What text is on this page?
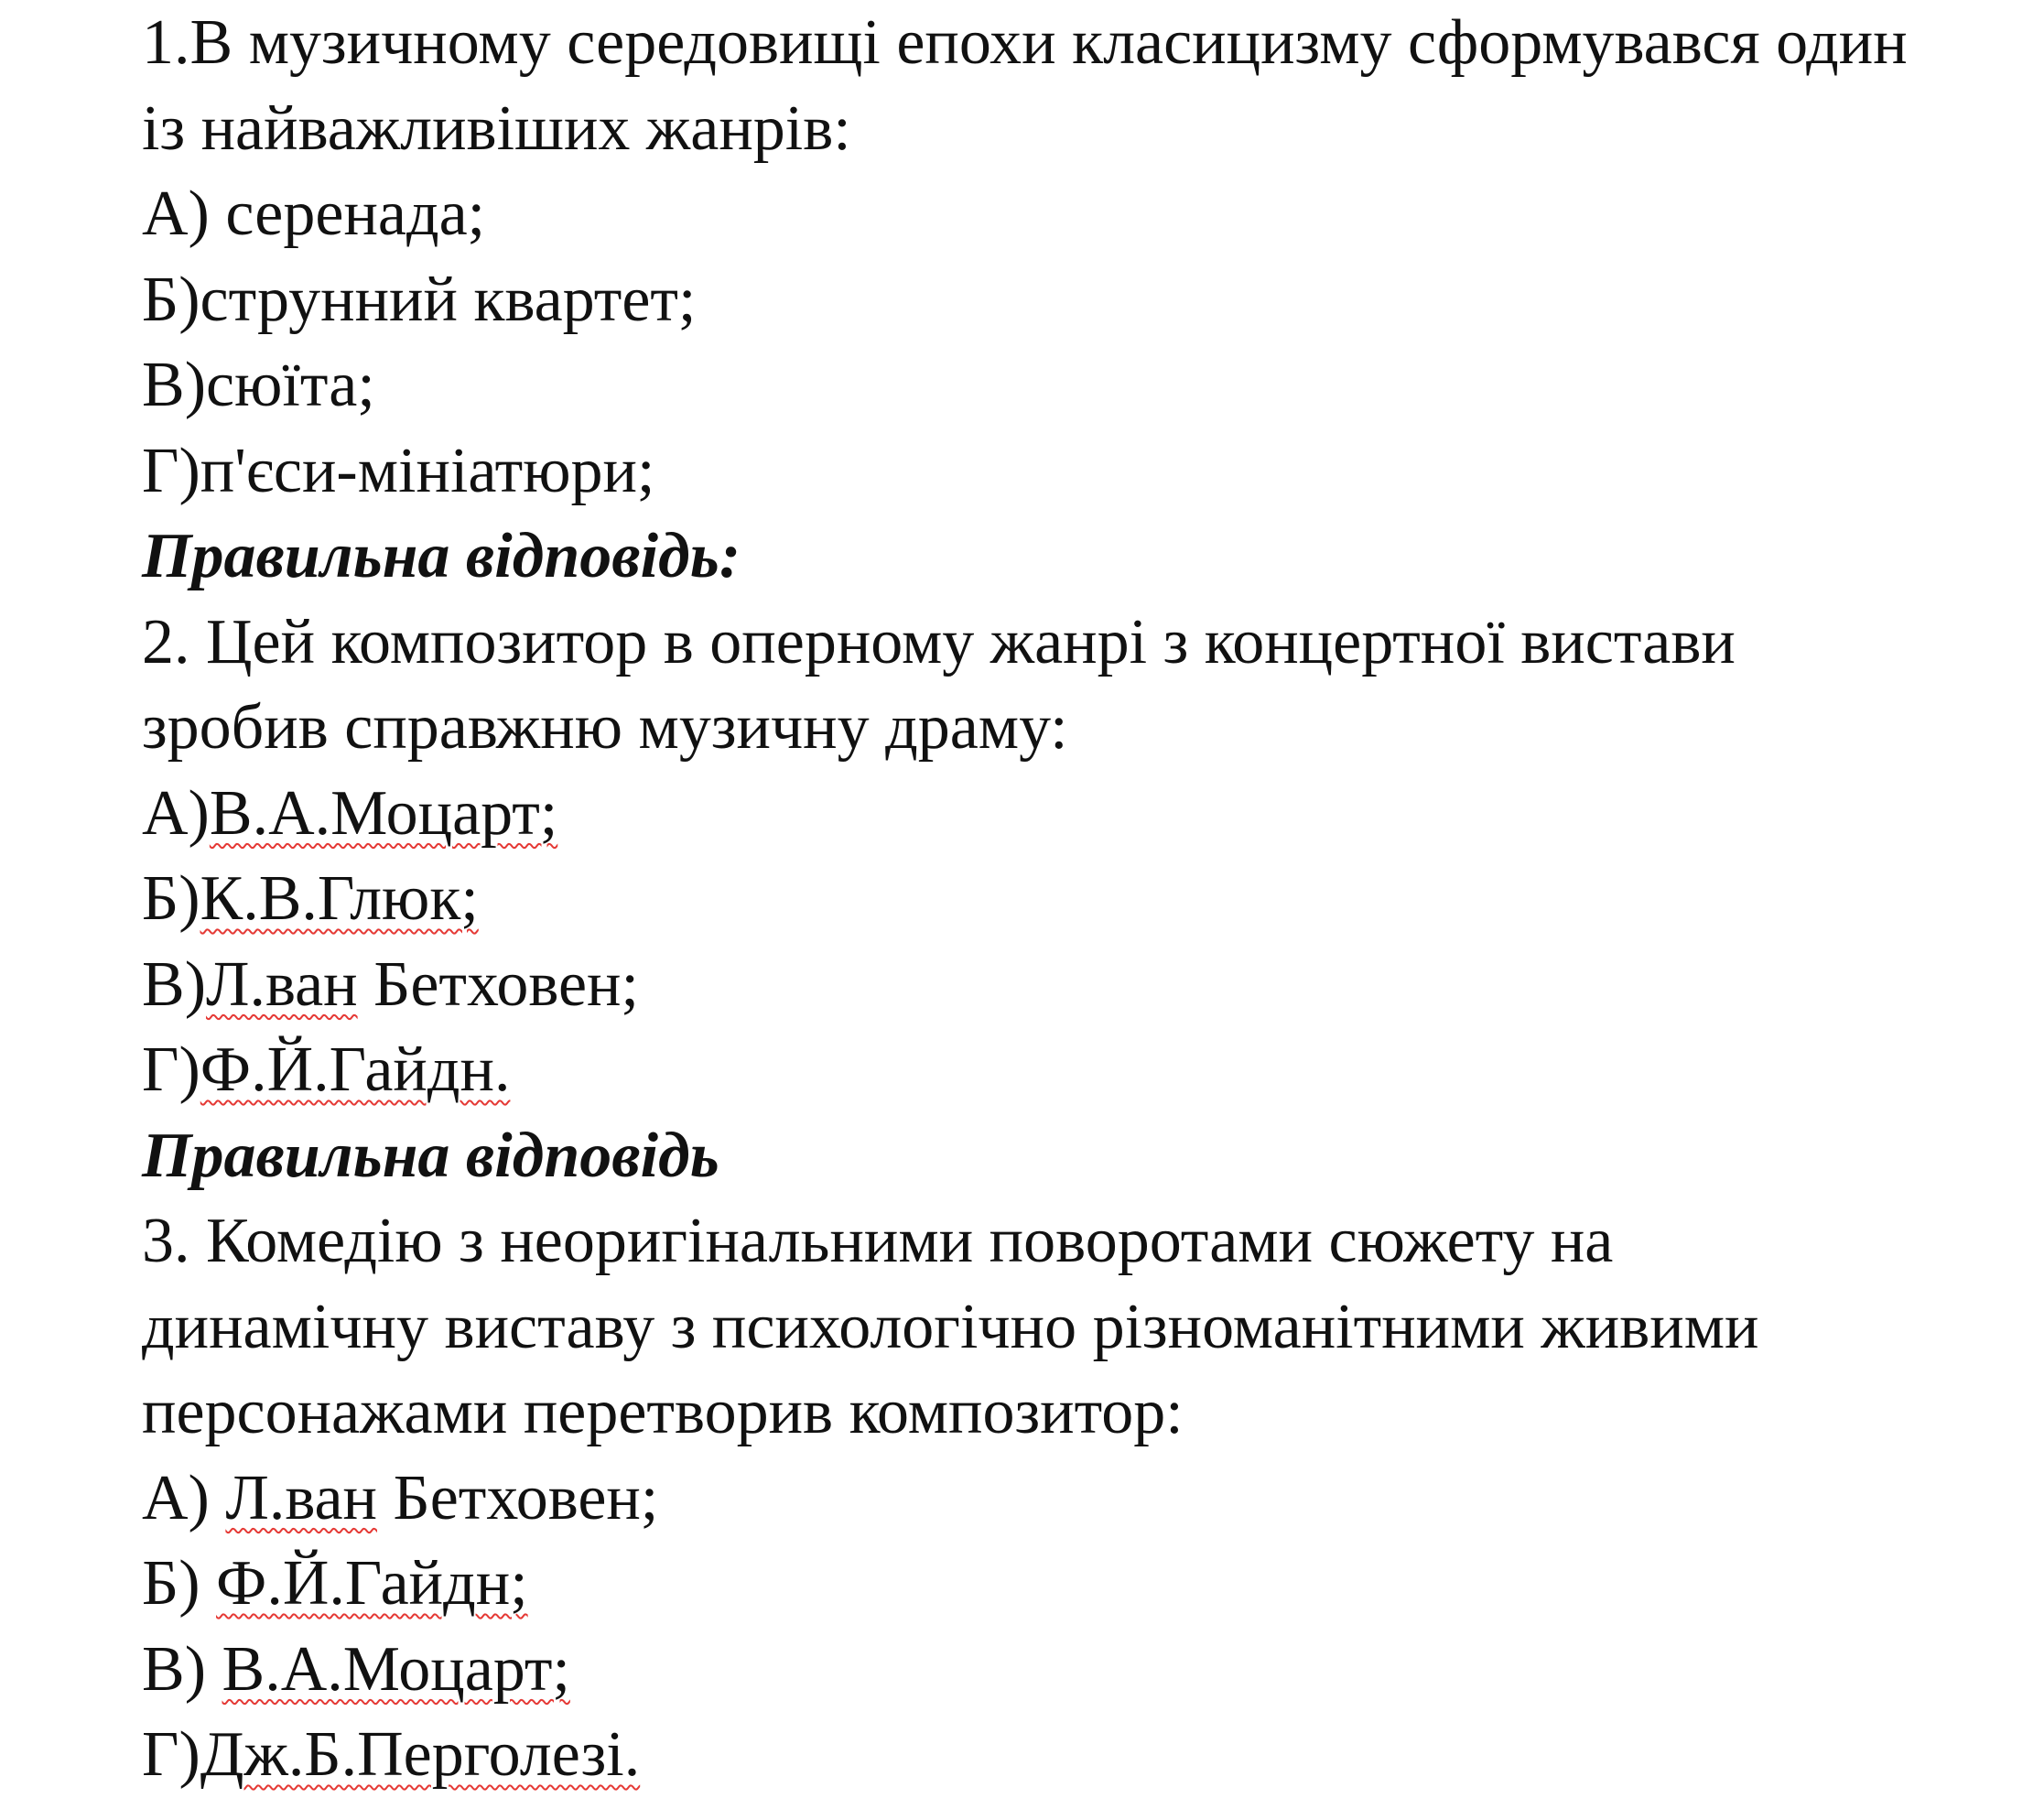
1.В музичному середовищі епохи класицизму сформувався один
із найважливіших жанрів:
А) серенада;
Б)струнний квартет;
В)сюїта;
Г)п'єси-мініатюри;
Правильна відповідь:
2. Цей композитор в оперному жанрі з концертної вистави
зробив справжню музичну драму:
А)В.А.Моцарт;
Б)К.В.Глюк;
В)Л.ван Бетховен;
Г)Ф.Й.Гайдн.
Правильна відповідь
3. Комедію з неоригінальними поворотами сюжету на
динамічну виставу з психологічно різноманітними живими
персонажами перетворив композитор:
А) Л.ван Бетховен;
Б) Ф.Й.Гайдн;
В) В.А.Моцарт;
Г)Дж.Б.Перголезі.
